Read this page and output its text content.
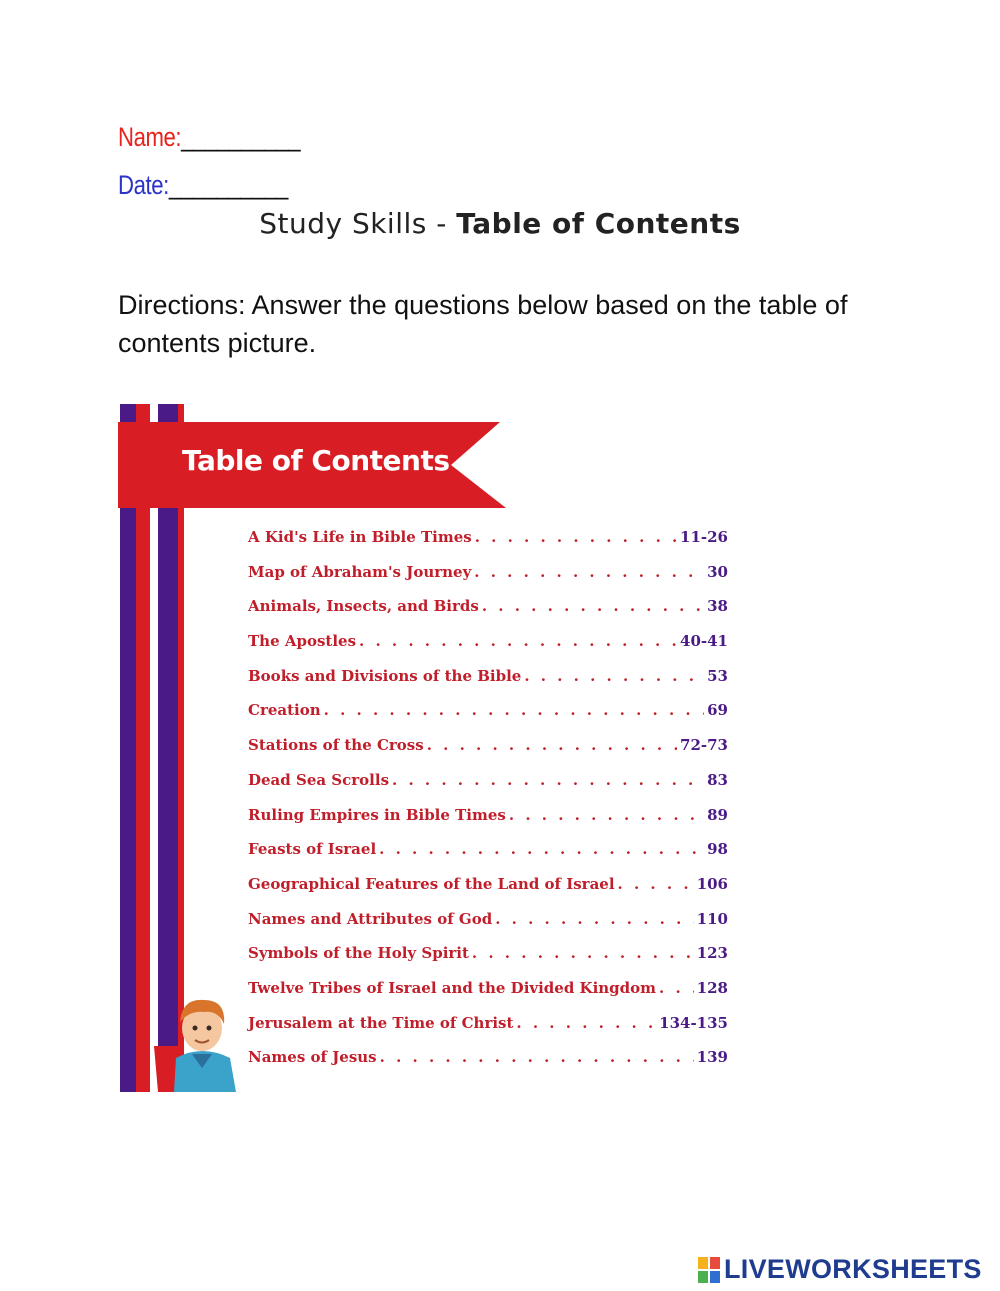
Name:__________
Date:__________
Study Skills - Table of Contents
Directions: Answer the questions below based on the table of contents picture.
Table of Contents
A Kid's Life in Bible Times . . .	11-26
Map of Abraham's Journey . . .	30
Animals, Insects, and Birds . . .	38
The Apostles . . .	40-41
Books and Divisions of the Bible . . .	53
Creation . . .	69
Stations of the Cross . . .	72-73
Dead Sea Scrolls . . .	83
Ruling Empires in Bible Times . . .	89
Feasts of Israel . . .	98
Geographical Features of the Land of Israel . . .	106
Names and Attributes of God . . .	110
Symbols of the Holy Spirit . . .	123
Twelve Tribes of Israel and the Divided Kingdom . . .	128
Jerusalem at the Time of Christ . . .	134-135
Names of Jesus . . .	139
LIVEWORKSHEETS
